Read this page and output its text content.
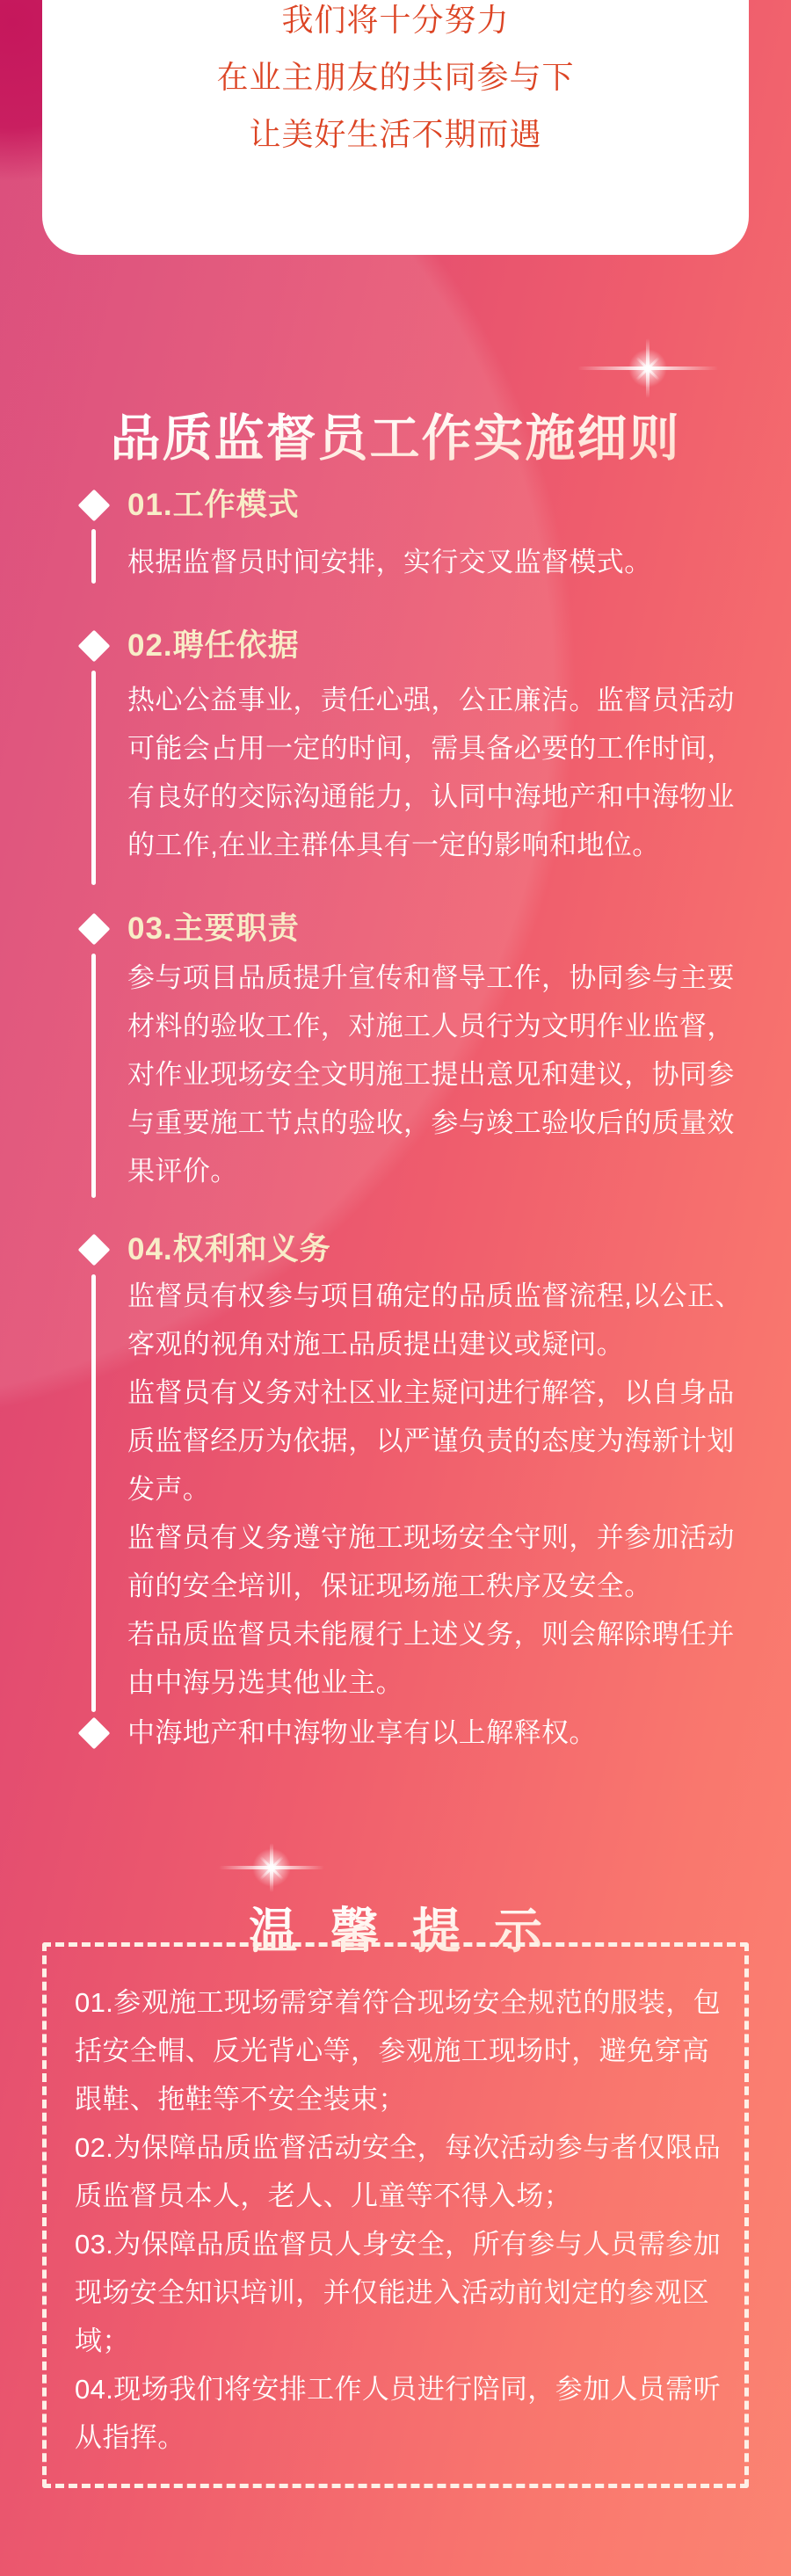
我们将十分努力

在业主朋友的共同参与下

让美好生活不期而遇

品质监督员工作实施细则
01.工作模式

根据监督员时间安排，实行交叉监督模式。

02.聘任依据

热心公益事业，责任心强，公正廉洁。监督员活动可能会占用一定的时间，需具备必要的工作时间，有良好的交际沟通能力，认同中海地产和中海物业的工作,在业主群体具有一定的影响和地位。

03.主要职责

参与项目品质提升宣传和督导工作，协同参与主要材料的验收工作，对施工人员行为文明作业监督，对作业现场安全文明施工提出意见和建议，协同参与重要施工节点的验收，参与竣工验收后的质量效果评价。

04.权利和义务

监督员有权参与项目确定的品质监督流程,以公正、客观的视角对施工品质提出建议或疑问。

监督员有义务对社区业主疑问进行解答，以自身品质监督经历为依据，以严谨负责的态度为海新计划发声。

监督员有义务遵守施工现场安全守则，并参加活动前的安全培训，保证现场施工秩序及安全。

若品质监督员未能履行上述义务，则会解除聘任并由中海另选其他业主。

中海地产和中海物业享有以上解释权。

温馨提示

01.参观施工现场需穿着符合现场安全规范的服装，包括安全帽、反光背心等，参观施工现场时，避免穿高跟鞋、拖鞋等不安全装束；

02.为保障品质监督活动安全，每次活动参与者仅限品质监督员本人，老人、儿童等不得入场；

03.为保障品质监督员人身安全，所有参与人员需参加现场安全知识培训，并仅能进入活动前划定的参观区域；

04.现场我们将安排工作人员进行陪同，参加人员需听从指挥。
